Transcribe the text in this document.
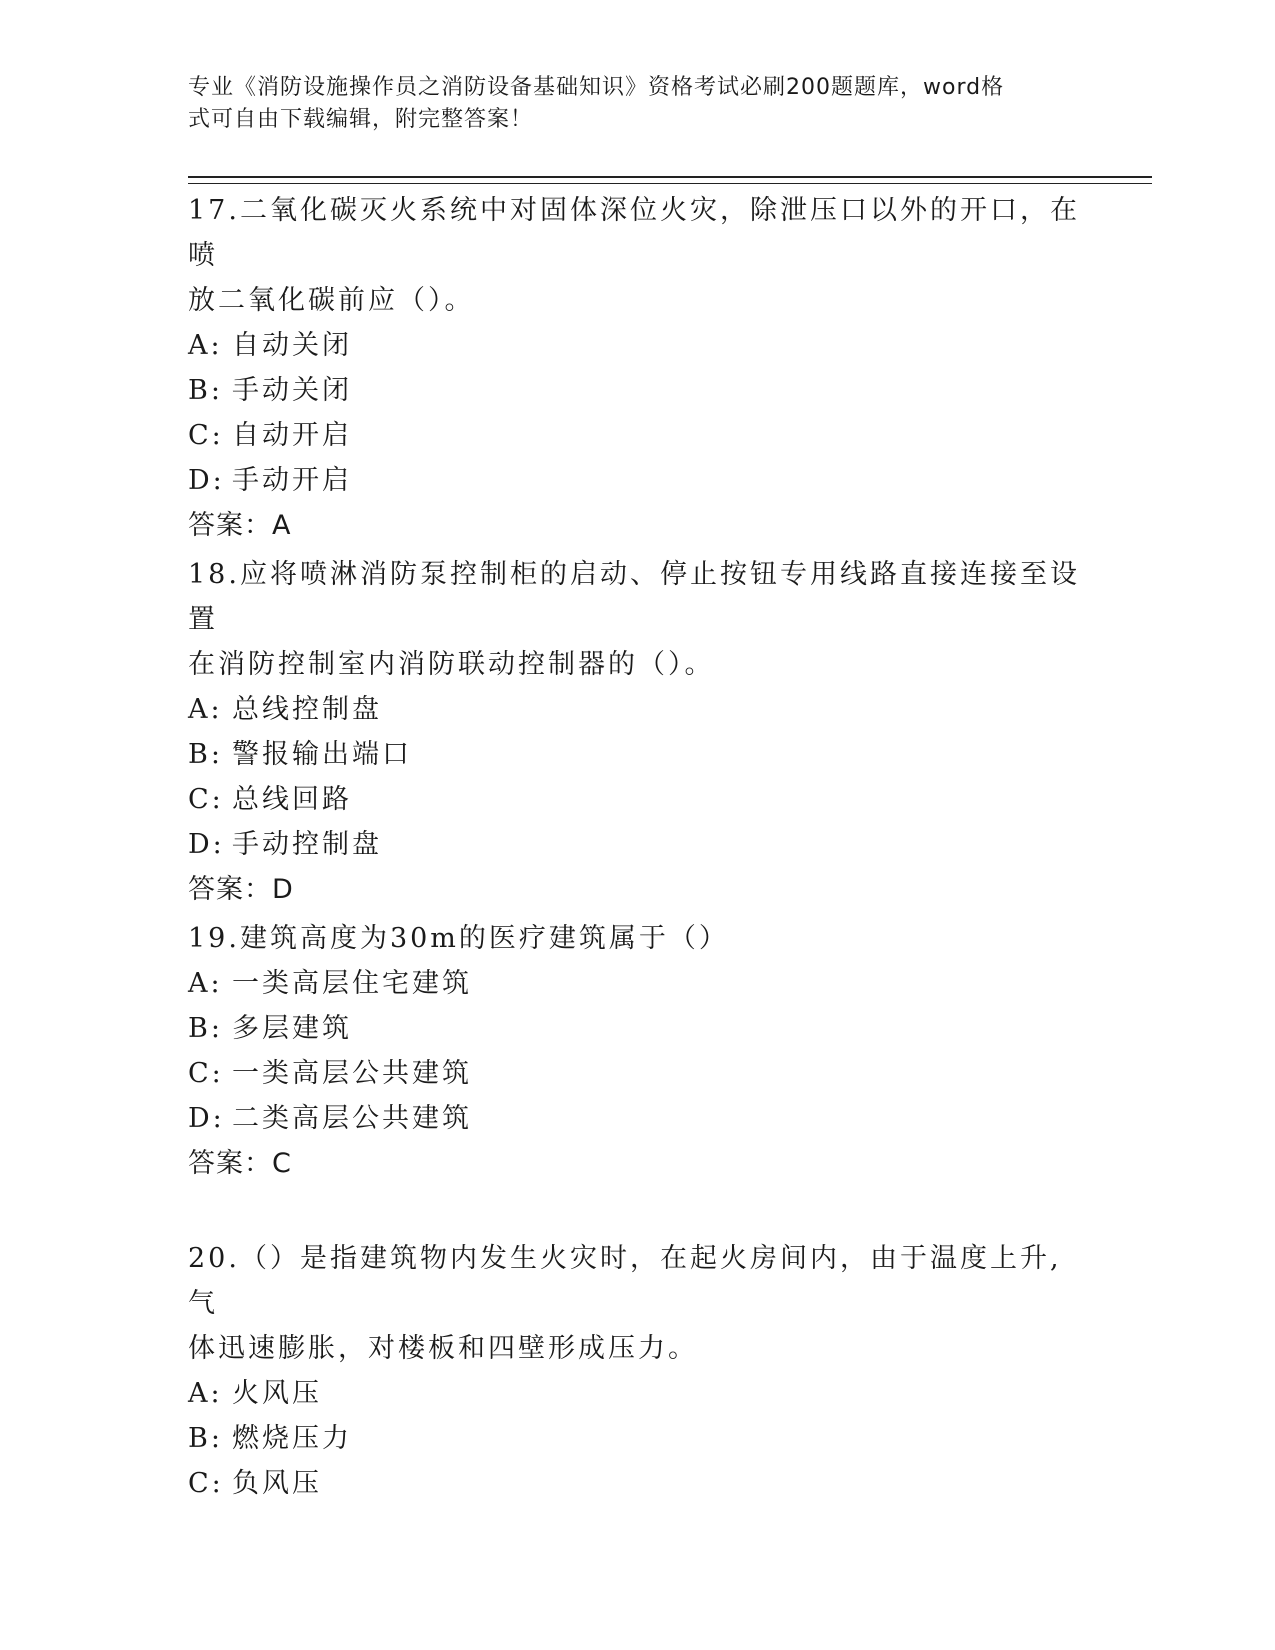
专业《消防设施操作员之消防设备基础知识》资格考试必刷200题题库，word格
式可自由下载编辑，附完整答案！
17.二氧化碳灭火系统中对固体深位火灾，除泄压口以外的开口，在喷
放二氧化碳前应（）。
A: 自动关闭
B: 手动关闭
C: 自动开启
D: 手动开启
答案：A
18.应将喷淋消防泵控制柜的启动、停止按钮专用线路直接连接至设置
在消防控制室内消防联动控制器的（）。
A: 总线控制盘
B: 警报输出端口
C: 总线回路
D: 手动控制盘
答案：D
19.建筑高度为30m的医疗建筑属于（）
A: 一类高层住宅建筑
B: 多层建筑
C: 一类高层公共建筑
D: 二类高层公共建筑
答案：C
20.（）是指建筑物内发生火灾时，在起火房间内，由于温度上升,气
体迅速膨胀，对楼板和四壁形成压力。
A: 火风压
B: 燃烧压力
C: 负风压
